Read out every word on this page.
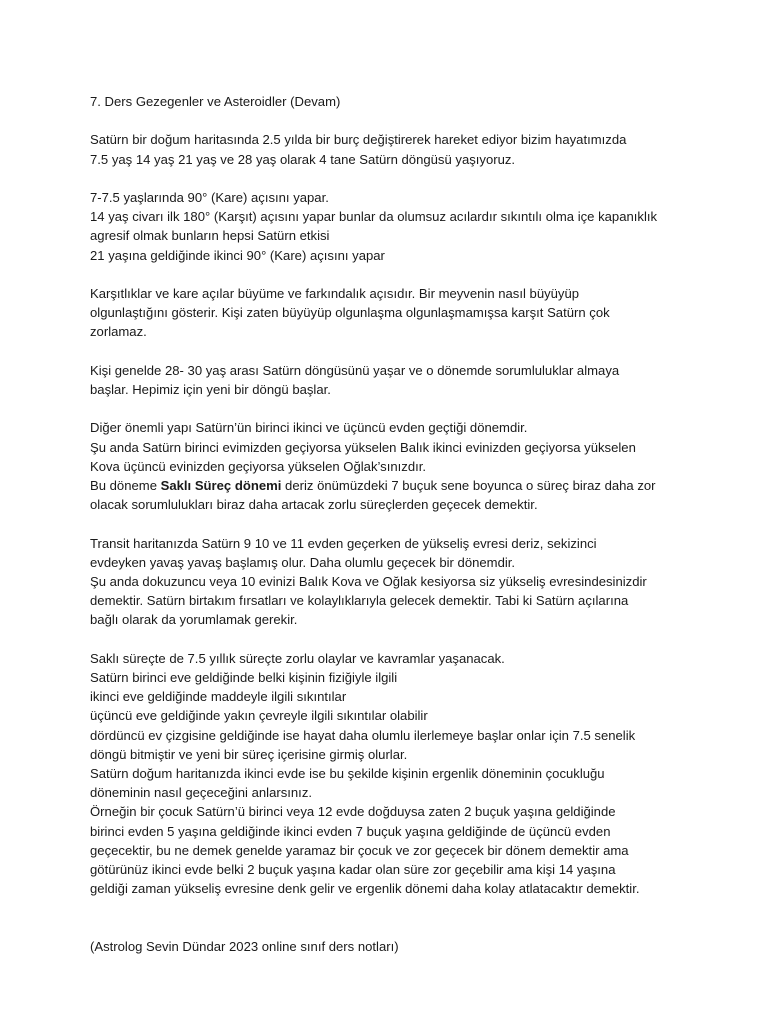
7. Ders Gezegenler ve Asteroidler (Devam)
Satürn bir doğum haritasında 2.5 yılda bir burç değiştirerek hareket ediyor bizim hayatımızda
7.5 yaş 14 yaş 21 yaş ve 28 yaş olarak 4 tane Satürn döngüsü yaşıyoruz.
7-7.5 yaşlarında 90° (Kare) açısını yapar.
14 yaş civarı ilk 180° (Karşıt) açısını yapar bunlar da olumsuz acılardır sıkıntılı olma içe kapanıklık
agresif olmak bunların hepsi Satürn etkisi
21 yaşına geldiğinde ikinci 90° (Kare) açısını yapar
Karşıtlıklar ve kare açılar büyüme ve farkındalık açısıdır. Bir meyvenin nasıl büyüyüp
olgunlaştığını gösterir. Kişi zaten büyüyüp olgunlaşma olgunlaşmamışsa karşıt Satürn çok
zorlamaz.
Kişi genelde 28- 30 yaş arası Satürn döngüsünü yaşar ve o dönemde sorumluluklar almaya
başlar. Hepimiz için yeni bir döngü başlar.
Diğer önemli yapı Satürn’ün birinci ikinci ve üçüncü evden geçtiği dönemdir.
Şu anda Satürn birinci evimizden geçiyorsa yükselen Balık ikinci evinizden geçiyorsa yükselen
Kova üçüncü evinizden geçiyorsa yükselen Oğlak’sınızdır.
Bu döneme Saklı Süreç dönemi deriz önümüzdeki 7 buçuk sene boyunca o süreç biraz daha zor
olacak sorumlulukları biraz daha artacak zorlu süreçlerden geçecek demektir.
Transit haritanızda Satürn 9 10 ve 11 evden geçerken de yükseliş evresi deriz, sekizinci
evdeyken yavaş yavaş başlamış olur. Daha olumlu geçecek bir dönemdir.
Şu anda dokuzuncu veya 10 evinizi Balık Kova ve Oğlak kesiyorsa siz yükseliş evresindesinizdir
demektir. Satürn birtakım fırsatları ve kolaylıklarıyla gelecek demektir. Tabi ki Satürn açılarına
bağlı olarak da yorumlamak gerekir.
Saklı süreçte de 7.5 yıllık süreçte zorlu olaylar ve kavramlar yaşanacak.
Satürn birinci eve geldiğinde belki kişinin fiziğiyle ilgili
ikinci eve geldiğinde maddeyle ilgili sıkıntılar
üçüncü eve geldiğinde yakın çevreyle ilgili sıkıntılar olabilir
dördüncü ev çizgisine geldiğinde ise hayat daha olumlu ilerlemeye başlar onlar için 7.5 senelik
döngü bitmiştir ve yeni bir süreç içerisine girmiş olurlar.
Satürn doğum haritanızda ikinci evde ise bu şekilde kişinin ergenlik döneminin çocukluğu
döneminin nasıl geçeceğini anlarsınız.
Örneğin bir çocuk Satürn’ü birinci veya 12 evde doğduysa zaten 2 buçuk yaşına geldiğinde
birinci evden 5 yaşına geldiğinde ikinci evden 7 buçuk yaşına geldiğinde de üçüncü evden
geçecektir, bu ne demek genelde yaramaz bir çocuk ve zor geçecek bir dönem demektir ama
götürünüz ikinci evde belki 2 buçuk yaşına kadar olan süre zor geçebilir ama kişi 14 yaşına
geldiği zaman yükseliş evresine denk gelir ve ergenlik dönemi daha kolay atlatacaktır demektir.
(Astrolog Sevin Dündar 2023 online sınıf ders notları)
